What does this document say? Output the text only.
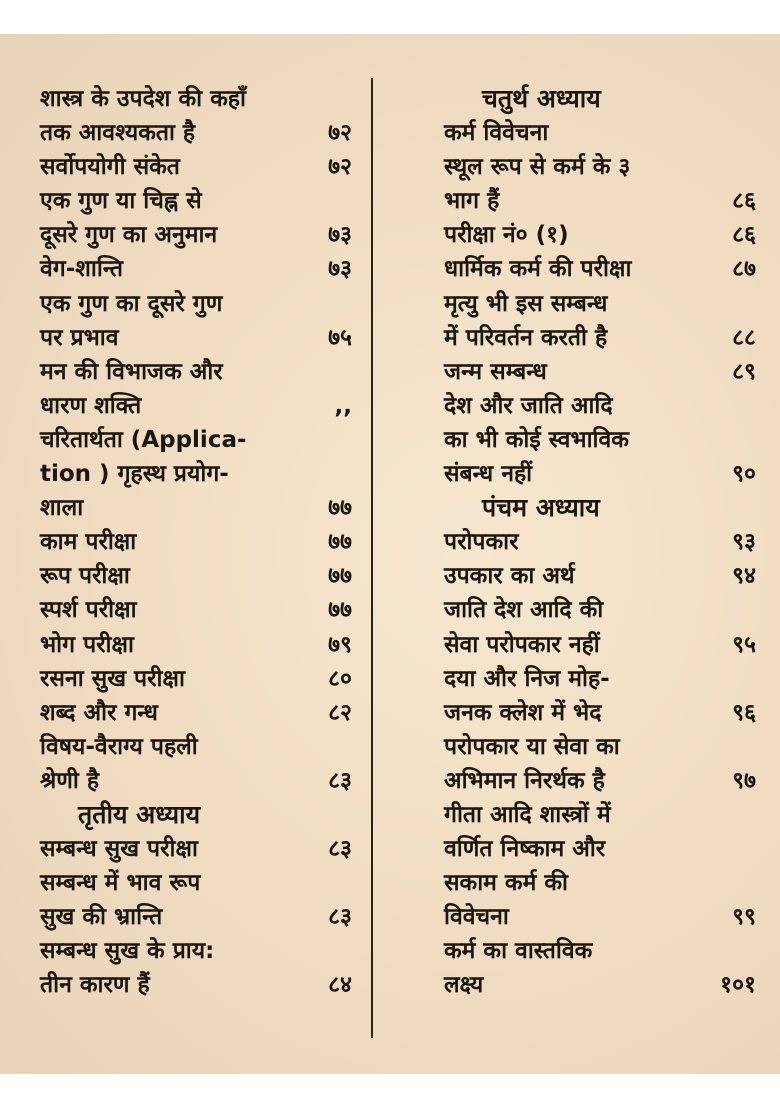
शास्त्र के उपदेश की कहाँ
तक आवश्यकता है	७२
सर्वोपयोगी संकेत	७२
एक गुण या चिह्न से
दूसरे गुण का अनुमान	७३
वेग-शान्ति	७३
एक गुण का दूसरे गुण
पर प्रभाव	७५
मन की विभाजक और
धारण शक्ति	,,
चरितार्थता (Applica-
tion ) गृहस्थ प्रयोग-
शाला	७७
काम परीक्षा	७७
रूप परीक्षा	७७
स्पर्श परीक्षा	७७
भोग परीक्षा	७९
रसना सुख परीक्षा	८०
शब्द और गन्ध	८२
विषय-वैराग्य पहली
श्रेणी है	८३
तृतीय अध्याय
सम्बन्ध सुख परीक्षा	८३
सम्बन्ध में भाव रूप
सुख की भ्रान्ति	८३
सम्बन्ध सुख के प्राय:
तीन कारण हैं	८४
चतुर्थ अध्याय
कर्म विवेचना
स्थूल रूप से कर्म के ३
भाग हैं	८६
परीक्षा नं० (१)	८६
धार्मिक कर्म की परीक्षा	८७
मृत्यु भी इस सम्बन्ध
में परिवर्तन करती है	८८
जन्म सम्बन्ध	८९
देश और जाति आदि
का भी कोई स्वभाविक
संबन्ध नहीं	९०
पंचम अध्याय
परोपकार	९३
उपकार का अर्थ	९४
जाति देश आदि की
सेवा परोपकार नहीं	९५
दया और निज मोह-
जनक क्लेश में भेद	९६
परोपकार या सेवा का
अभिमान निरर्थक है	९७
गीता आदि शास्त्रों में
वर्णित निष्काम और
सकाम कर्म की
विवेचना	९९
कर्म का वास्तविक
लक्ष्य	१०१
